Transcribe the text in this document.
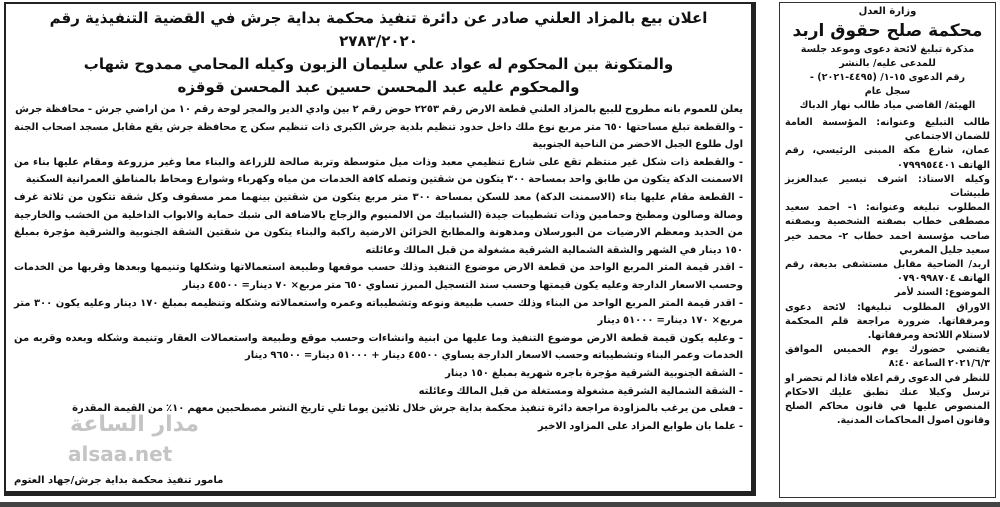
اعلان بيع بالمزاد العلني صادر عن دائرة تنفيذ محكمة بداية جرش في القضية التنفيذية رقم ٢٧٨٣/٢٠٢٠
والمتكونة بين المحكوم له عواد علي سليمان الزبون وكيله المحامي ممدوح شهاب
والمحكوم عليه عبد المحسن حسين عبد المحسن قوقزه

يعلن للعموم بانه مطروح للبيع بالمزاد العلني قطعة الارض رقم ٢٢٥٣ حوض رقم ٢ بين وادي الدير والمجر لوحة رقم ١٠ من اراضي جرش - محافظة جرش

- والقطعة تبلغ مساحتها ٦٥٠ متر مربع نوع ملك داخل حدود تنظيم بلدية جرش الكبرى ذات تنظيم سكن ج محافظة جرش يقع مقابل مسجد اصحاب الجنة اول طلوع الجبل الاخضر من الناحية الجنوبية

- والقطعة ذات شكل غير منتظم تقع على شارع تنظيمي معبد وذات ميل متوسطة وتربة صالحة للزراعة والبناء معا وغير مزروعة ومقام عليها بناء من الاسمنت الدكة يتكون من طابق واحد بمساحة ٣٠٠ يتكون من شقتين وتصله كافة الخدمات من مياه وكهرباء وشوارع ومحاط بالمناطق العمرانية السكنية

- القطعة مقام عليها بناء (الاسمنت الدكة) معد للسكن بمساحة ٣٠٠ متر مربع يتكون من شقتين بينهما ممر مسقوف وكل شقة تتكون من ثلاثة غرف وصالة وصالون ومطبخ وحمامين وذات تشطيبات جيدة (الشبابيك من الالمنيوم والزجاج بالاضافة الى شبك حماية والابواب الداخلية من الخشب والخارجية من الحديد ومعظم الارضيات من البورسلان ومدهونة والمطابخ الخزائن الارضية راكبة والبناء يتكون من شقتين الشقة الجنوبية والشرقية مؤجرة بمبلغ ١٥٠ دينار في الشهر والشقة الشمالية الشرقية مشغولة من قبل المالك وعائلته

- اقدر قيمة المتر المربع الواحد من قطعة الارض موضوع التنفيذ وذلك حسب موقعها وطبيعة استعمالاتها وشكلها وتنيمها وبعدها وقربها من الخدمات وحسب الاسعار الدارجة وعليه يكون قيمتها وحسب سند التسجيل المبرز تساوي ٦٥٠ متر مربع× ٧٠ دينار= ٤٥٥٠٠ دينار

- اقدر قيمة المتر المربع الواحد من البناء وذلك حسب طبيعة ونوعه وتشطيباته وعمره واستعمالاته وشكله وتنظيمه بمبلغ ١٧٠ دينار وعليه يكون ٣٠٠ متر مربع× ١٧٠ دينار= ٥١٠٠٠ دينار

- وعليه يكون قيمة قطعة الارض موضوع التنفيذ وما عليها من ابنية وانشاءات وحسب موقع وطبيعة واستعمالات العقار وتنيمة وشكله وبعده وقربه من الخدمات وعمر البناء وتشطيباته وحسب الاسعار الدارجة يساوي ٤٥٥٠٠ دينار + ٥١٠٠٠ دينار= ٩٦٥٠٠ دينار

- الشقة الجنوبية الشرقية مؤجرة باجره شهرية بمبلغ ١٥٠ دينار

- الشقة الشمالية الشرقية مشغولة ومستغلة من قبل المالك وعائلته

- فعلى من يرغب بالمزاودة مراجعة دائرة تنفيذ محكمة بداية جرش خلال ثلاثين يوما تلي تاريخ النشر مصطحبين معهم ١٠٪ من القيمة المقدرة

- علما بان طوابع المزاد على المزاود الاخير

مامور تنفيذ محكمة بداية جرش/جهاد العتوم
وزارة العدل
محكمة صلح حقوق اربد
مذكرة تبليغ لائحة دعوى وموعد جلسة
للمدعى عليه/ بالنشر
رقم الدعوى ١٥-١/ (٤٤٩٥-٢٠٢١) -
سجل عام
الهيئة/ القاضي مياد طالب نهار الدباك

طالب التبليغ وعنوانه: المؤسسة العامة للضمان الاجتماعي

عمان، شارع مكة المبنى الرئيسي، رقم الهاتف ٠٧٩٩٩٥٤٤٠١

وكيله الاستاذ: اشرف تيسير عبدالعزيز طبيشات

المطلوب تبليغه وعنوانه: ١- احمد سعيد مصطفى خطاب بصفته الشخصية وبصفته صاحب مؤسسة احمد خطاب ٢- محمد خير سعيد جليل المغربي

اربد/ الضاحية مقابل مستشفى بديعة، رقم الهاتف ٠٧٩٠٩٩٨٧٠٤

الموضوع: السند لأمر

الاوراق المطلوب تبليغها: لائحة دعوى ومرفقاتها. ضرورة مراجعة قلم المحكمة لاستلام اللائحة ومرفقاتها.

يقتضي حضورك يوم الخميس الموافق ٢٠٢١/٦/٣ الساعة ٨:٤٠

للنظر في الدعوى رقم اعلاه فاذا لم تحضر او ترسل وكيلا عنك تطبق عليك الاحكام المنصوص عليها في قانون محاكم الصلح وقانون اصول المحاكمات المدنية.

مدار الساعة
alsaa.net
